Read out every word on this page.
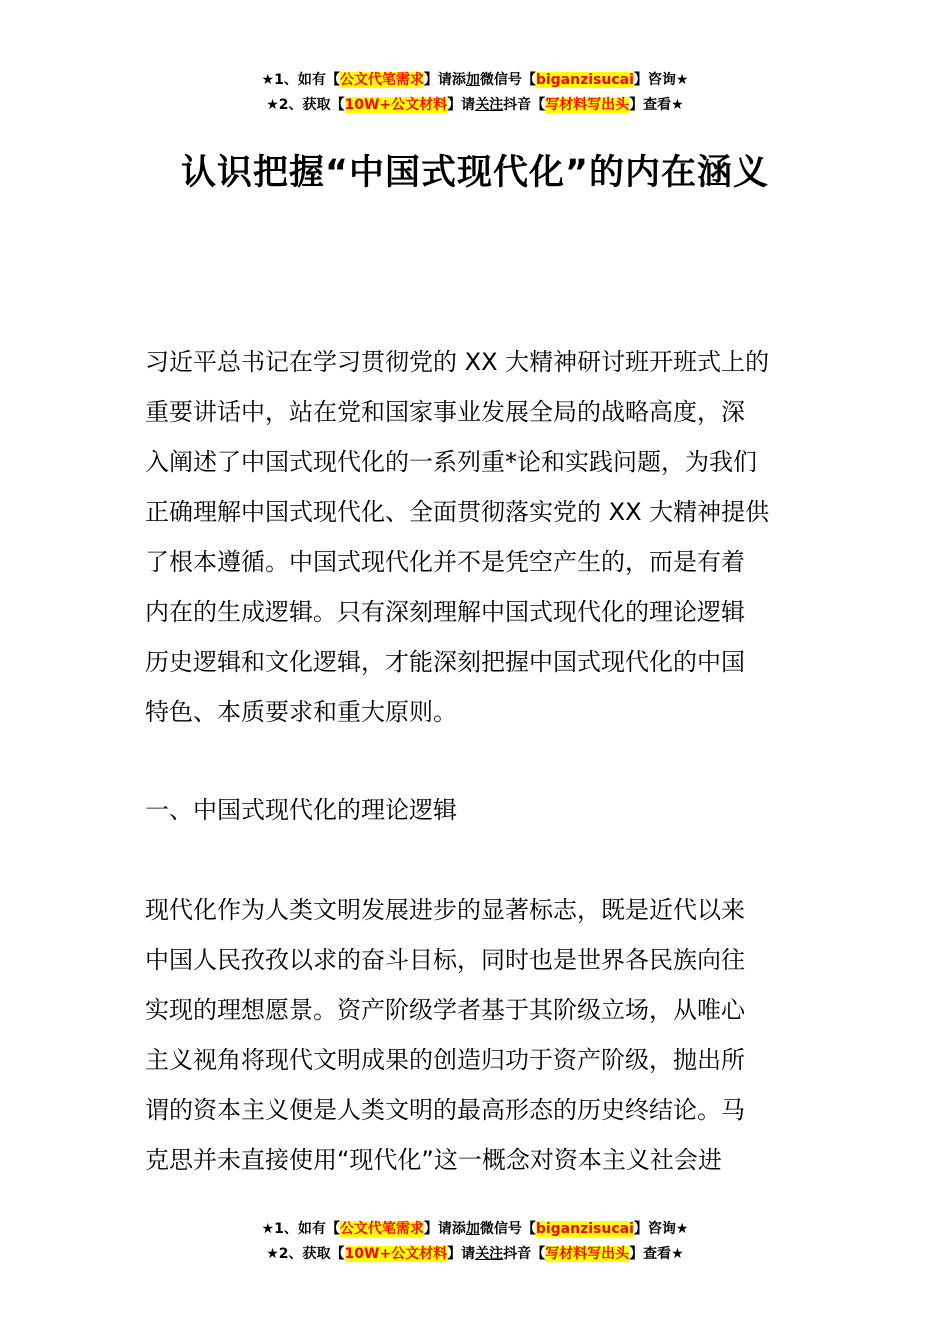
★1、如有【公文代笔需求】请添加微信号【biganzisucai】咨询★
★2、获取【10W+公文材料】请关注抖音【写材料写出头】查看★
认识把握“中国式现代化”的内在涵义
习近平总书记在学习贯彻党的 XX 大精神研讨班开班式上的
重要讲话中，站在党和国家事业发展全局的战略高度，深
入阐述了中国式现代化的一系列重*论和实践问题，为我们
正确理解中国式现代化、全面贯彻落实党的 XX 大精神提供
了根本遵循。中国式现代化并不是凭空产生的，而是有着
内在的生成逻辑。只有深刻理解中国式现代化的理论逻辑
历史逻辑和文化逻辑，才能深刻把握中国式现代化的中国
特色、本质要求和重大原则。
一、中国式现代化的理论逻辑
现代化作为人类文明发展进步的显著标志，既是近代以来
中国人民孜孜以求的奋斗目标，同时也是世界各民族向往
实现的理想愿景。资产阶级学者基于其阶级立场，从唯心
主义视角将现代文明成果的创造归功于资产阶级，抛出所
谓的资本主义便是人类文明的最高形态的历史终结论。马
克思并未直接使用“现代化”这一概念对资本主义社会进
★1、如有【公文代笔需求】请添加微信号【biganzisucai】咨询★
★2、获取【10W+公文材料】请关注抖音【写材料写出头】查看★
